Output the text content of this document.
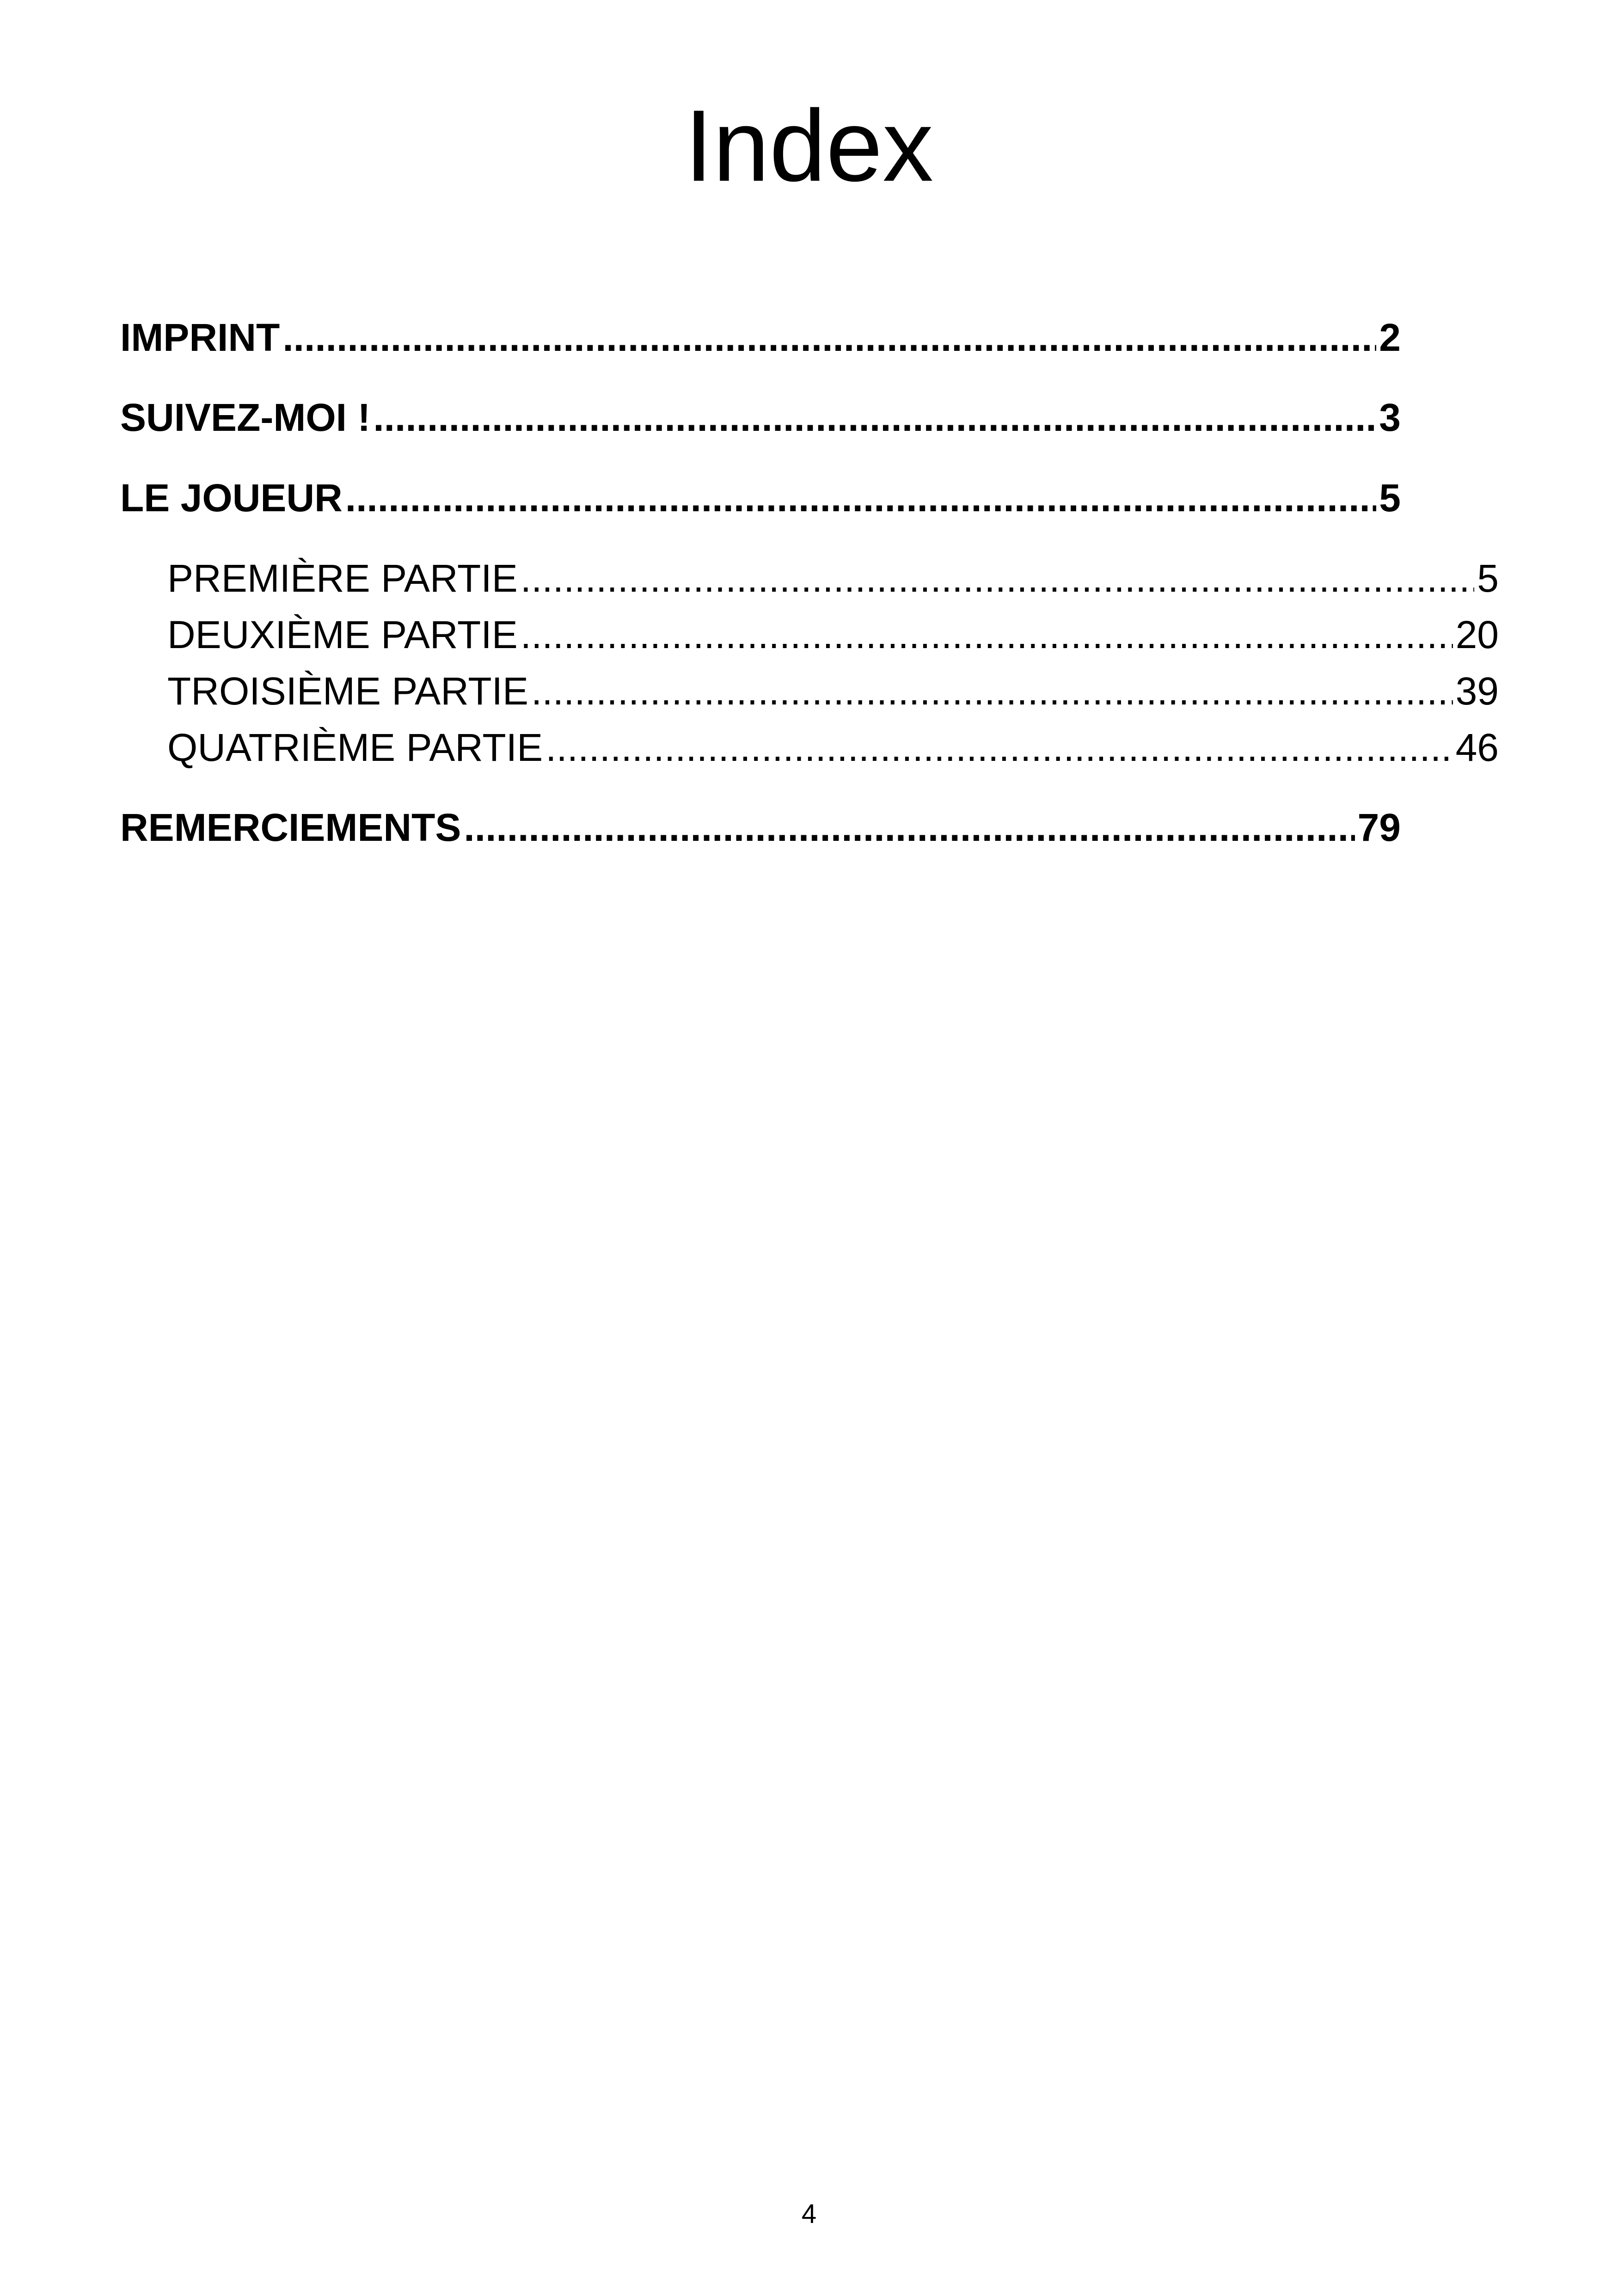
Index
IMPRINT .....	2
SUIVEZ-MOI ! .....	3
LE JOUEUR .....	5
PREMIÈRE PARTIE .....	5
DEUXIÈME PARTIE .....	20
TROISIÈME PARTIE .....	39
QUATRIÈME PARTIE .....	46
REMERCIEMENTS .....	79
4
